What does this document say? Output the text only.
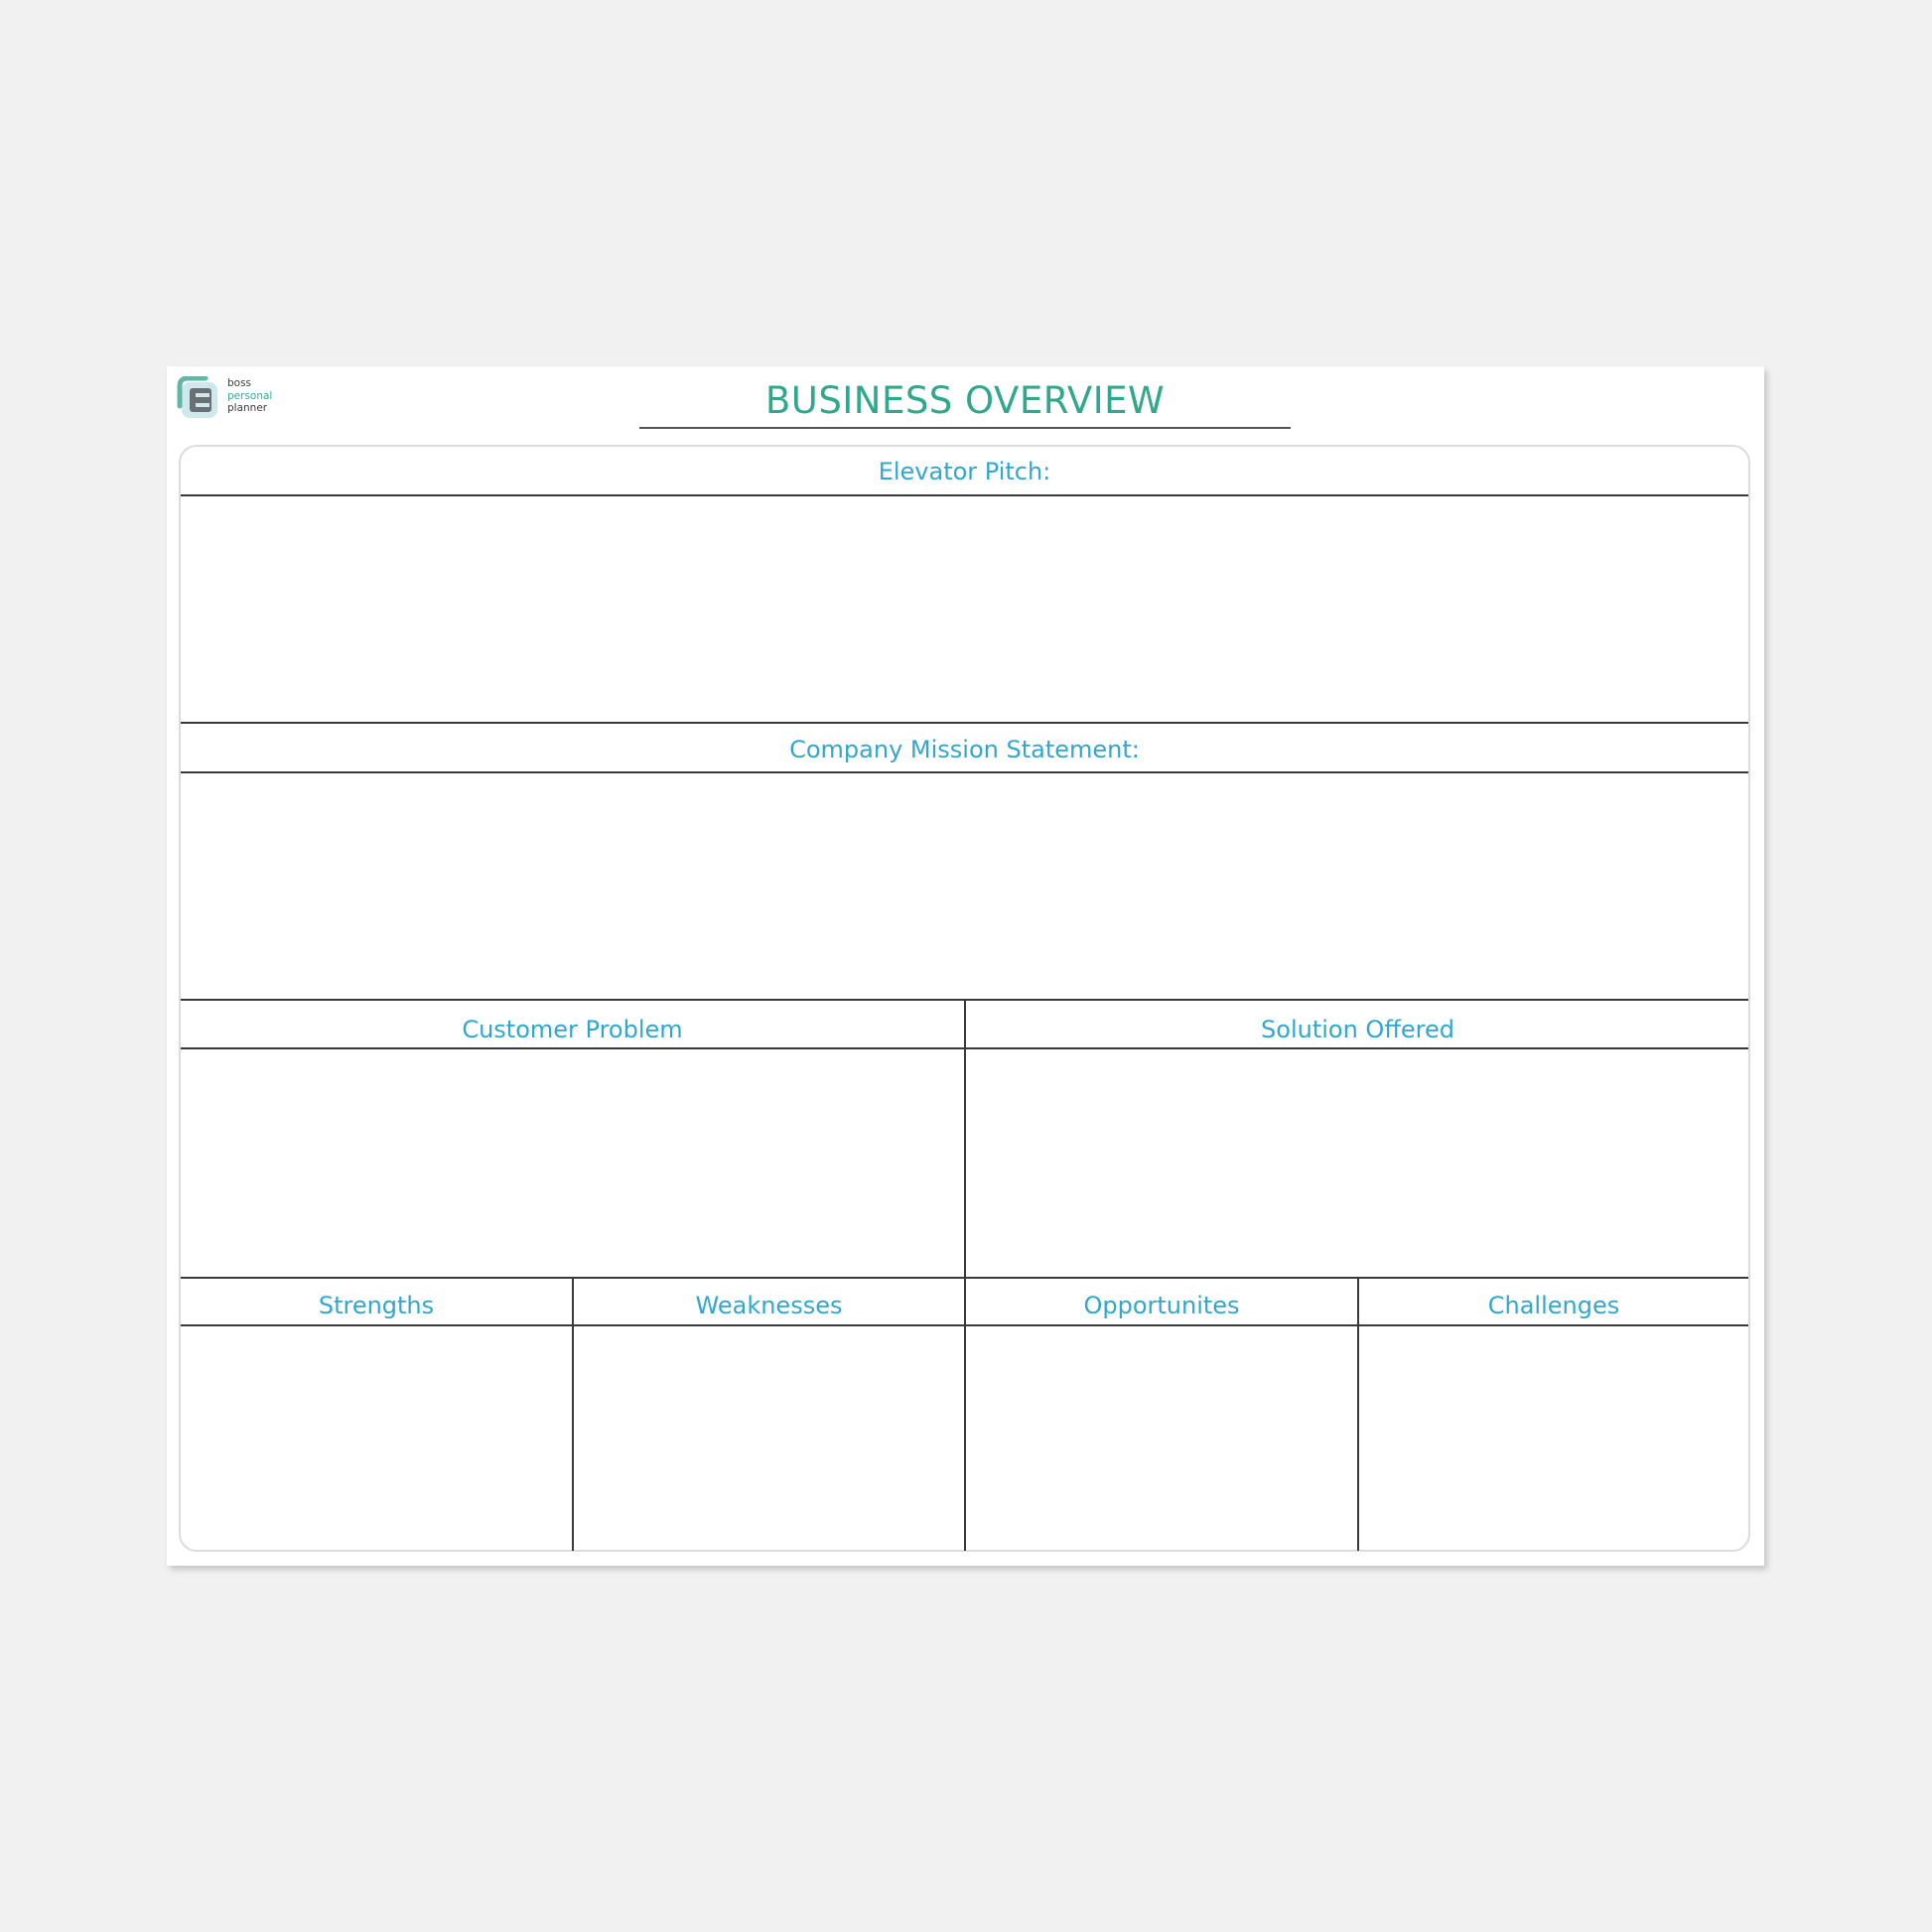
boss
personal
planner	BUSINESS OVERVIEW
Elevator Pitch:
Company Mission Statement:
Customer Problem	Solution Offered
Strengths	Weaknesses	Opportunites	Challenges
